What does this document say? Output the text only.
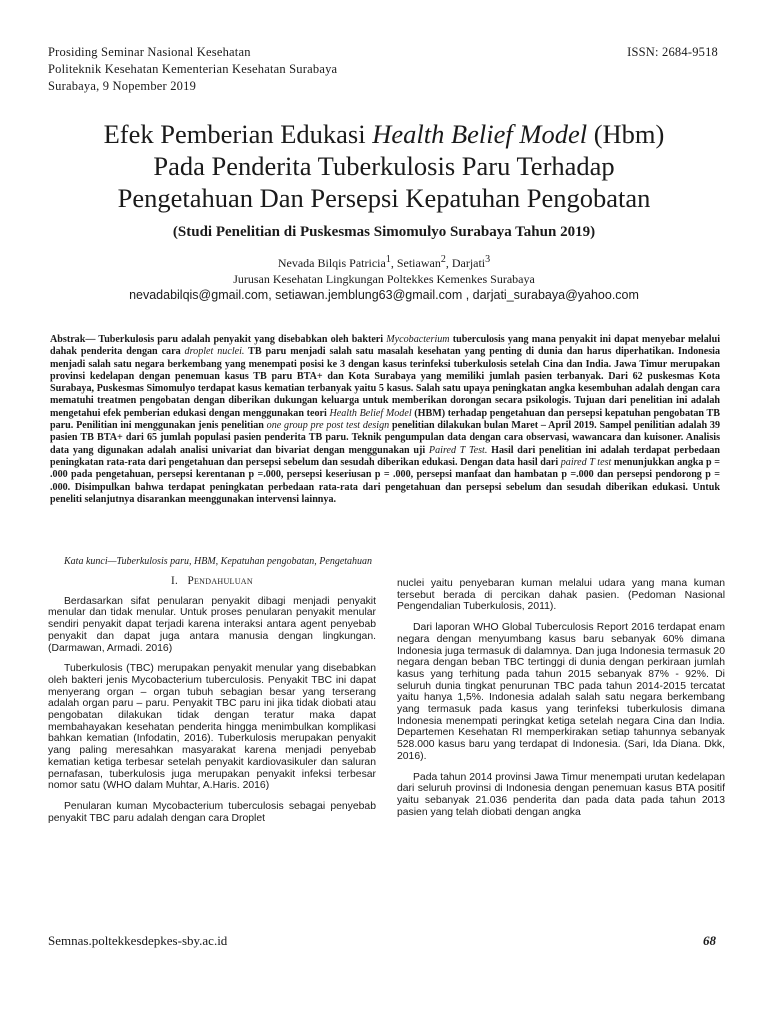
Prosiding Seminar Nasional Kesehatan
Politeknik Kesehatan Kementerian Kesehatan Surabaya
Surabaya, 9 Nopember 2019
ISSN: 2684-9518
Efek Pemberian Edukasi Health Belief Model (Hbm)
Pada Penderita Tuberkulosis Paru Terhadap
Pengetahuan Dan Persepsi Kepatuhan Pengobatan
(Studi Penelitian di Puskesmas Simomulyo Surabaya Tahun 2019)
Nevada Bilqis Patricia$^1$, Setiawan$^2$, Darjati$^3$
Jurusan Kesehatan Lingkungan Poltekkes Kemenkes Surabaya
nevadabilqis@gmail.com, setiawan.jemblung63@gmail.com , darjati_surabaya@yahoo.com
Abstrak— Tuberkulosis paru adalah penyakit yang disebabkan oleh bakteri Mycobacterium tuberculosis yang mana penyakit ini dapat menyebar melalui dahak penderita dengan cara droplet nuclei. TB paru menjadi salah satu masalah kesehatan yang penting di dunia dan harus diperhatikan. Indonesia menjadi salah satu negara berkembang yang menempati posisi ke 3 dengan kasus terinfeksi tuberkulosis setelah Cina dan India. Jawa Timur merupakan provinsi kedelapan dengan penemuan kasus TB paru BTA+ dan Kota Surabaya yang memiliki jumlah pasien terbanyak. Dari 62 puskesmas Kota Surabaya, Puskesmas Simomulyo terdapat kasus kematian terbanyak yaitu 5 kasus. Salah satu upaya peningkatan angka kesembuhan adalah dengan cara mematuhi treatmen pengobatan dengan diberikan dukungan keluarga untuk memberikan dorongan secara psikologis. Tujuan dari penelitian ini adalah mengetahui efek pemberian edukasi dengan menggunakan teori Health Belief Model (HBM) terhadap pengetahuan dan persepsi kepatuhan pengobatan TB paru. Penilitian ini menggunakan jenis penelitian one group pre post test design penelitian dilakukan bulan Maret – April 2019. Sampel penilitian adalah 39 pasien TB BTA+ dari 65 jumlah populasi pasien penderita TB paru. Teknik pengumpulan data dengan cara observasi, wawancara dan kuisoner. Analisis data yang digunakan adalah analisi univariat dan bivariat dengan menggunakan uji Paired T Test. Hasil dari penelitian ini adalah terdapat perbedaan peningkatan rata-rata dari pengetahuan dan persepsi sebelum dan sesudah diberikan edukasi. Dengan data hasil dari paired T test menunjukkan angka p = .000 pada pengetahuan, persepsi kerentanan p =.000, persepsi keseriusan p = .000, persepsi manfaat dan hambatan p =.000 dan persepsi pendorong p = .000. Disimpulkan bahwa terdapat peningkatan perbedaan rata-rata dari pengetahuan dan persepsi sebelum dan sesudah diberikan edukasi. Untuk peneliti selanjutnya disarankan meenggunakan intervensi lainnya.
Kata kunci—Tuberkulosis paru, HBM, Kepatuhan pengobatan, Pengetahuan
I. Pendahuluan

Berdasarkan sifat penularan penyakit dibagi menjadi penyakit menular dan tidak menular. Untuk proses penularan penyakit menular sendiri penyakit dapat terjadi karena interaksi antara agent penyebab penyakit dan dapat juga antara manusia dengan lingkungan. (Darmawan, Armadi. 2016)

Tuberkulosis (TBC) merupakan penyakit menular yang disebabkan oleh bakteri jenis Mycobacterium tuberculosis. Penyakit TBC ini dapat menyerang organ – organ tubuh sebagian besar yang terserang adalah organ paru – paru. Penyakit TBC paru ini jika tidak diobati atau pengobatan dilakukan tidak dengan teratur maka dapat membahayakan kesehatan penderita hingga menimbulkan komplikasi bahkan kematian (Infodatin, 2016). Tuberkulosis merupakan penyakit yang paling meresahkan masyarakat karena menjadi penyebab kematian ketiga terbesar setelah penyakit kardiovasikuler dan saluran pernafasan, tuberkulosis juga merupakan penyakit infeksi terbesar nomor satu (WHO dalam Muhtar, A.Haris. 2016)

Penularan kuman Mycobacterium tuberculosis sebagai penyebab penyakit TBC paru adalah dengan cara Droplet

nuclei yaitu penyebaran kuman melalui udara yang mana kuman tersebut berada di percikan dahak pasien. (Pedoman Nasional Pengendalian Tuberkulosis, 2011).

Dari laporan WHO Global Tuberculosis Report 2016 terdapat enam negara dengan menyumbang kasus baru sebanyak 60% dimana Indonesia juga termasuk di dalamnya. Dan juga Indonesia termasuk 20 negara dengan beban TBC tertinggi di dunia dengan perkiraan jumlah kasus yang terhitung pada tahun 2015 sebanyak 87% - 92%. Di seluruh dunia tingkat penurunan TBC pada tahun 2014-2015 tercatat yaitu hanya 1,5%. Indonesia adalah salah satu negara berkembang yang termasuk pada kasus yang terinfeksi tuberkulosis dimana Indonesia menempati peringkat ketiga setelah negara Cina dan India. Departemen Kesehatan RI memperkirakan setiap tahunnya sebanyak 528.000 kasus baru yang terdapat di Indonesia. (Sari, Ida Diana. Dkk, 2016).

Pada tahun 2014 provinsi Jawa Timur menempati urutan kedelapan dari seluruh provinsi di Indonesia dengan penemuan kasus BTA positif yaitu sebanyak 21.036 penderita dan pada data pada tahun 2013 pasien yang telah diobati dengan angka

Semnas.poltekkesdepkes-sby.ac.id	68
